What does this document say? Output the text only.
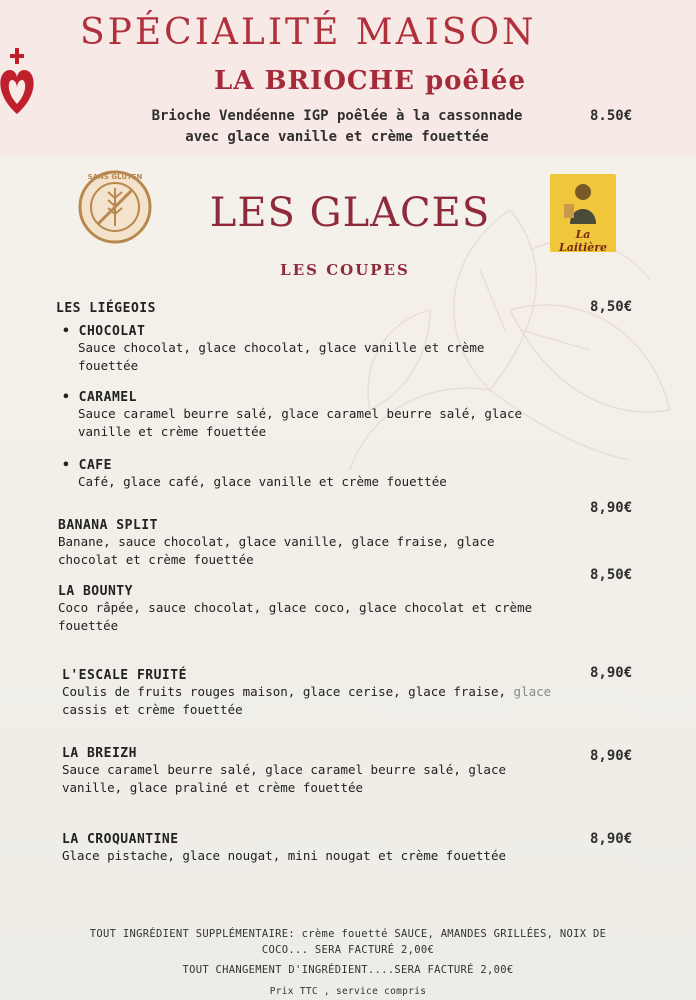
SPÉCIALITÉ MAISON
LA BRIOCHE poêlée
Brioche Vendéenne IGP poêlée à la cassonnade
avec glace vanille et crème fouettée
8.50€
SANS GLUTEN
La Laitière
LES GLACES
LES COUPES
LES LIÉGEOIS	8,50€
• CHOCOLAT
Sauce chocolat, glace chocolat, glace vanille et crème
fouettée
• CARAMEL
Sauce caramel beurre salé, glace caramel beurre salé, glace
vanille et crème fouettée
• CAFE
Café, glace café, glace vanille et crème fouettée
8,90€
BANANA SPLIT
Banane, sauce chocolat, glace vanille, glace fraise, glace
chocolat et crème fouettée
8,50€
LA BOUNTY
Coco râpée, sauce chocolat, glace coco, glace chocolat et crème
fouettée
8,90€
L'ESCALE FRUITÉ
Coulis de fruits rouges maison, glace cerise, glace fraise, glace
cassis et crème fouettée
8,90€
LA BREIZH
Sauce caramel beurre salé, glace caramel beurre salé, glace
vanille, glace praliné et crème fouettée
8,90€
LA CROQUANTINE
Glace pistache, glace nougat, mini nougat et crème fouettée
TOUT INGRÉDIENT SUPPLÉMENTAIRE: crème fouetté SAUCE, AMANDES GRILLÉES, NOIX DE
COCO... SERA FACTURÉ 2,00€
TOUT CHANGEMENT D'INGRÉDIENT....SERA FACTURÉ 2,00€
Prix TTC , service compris
